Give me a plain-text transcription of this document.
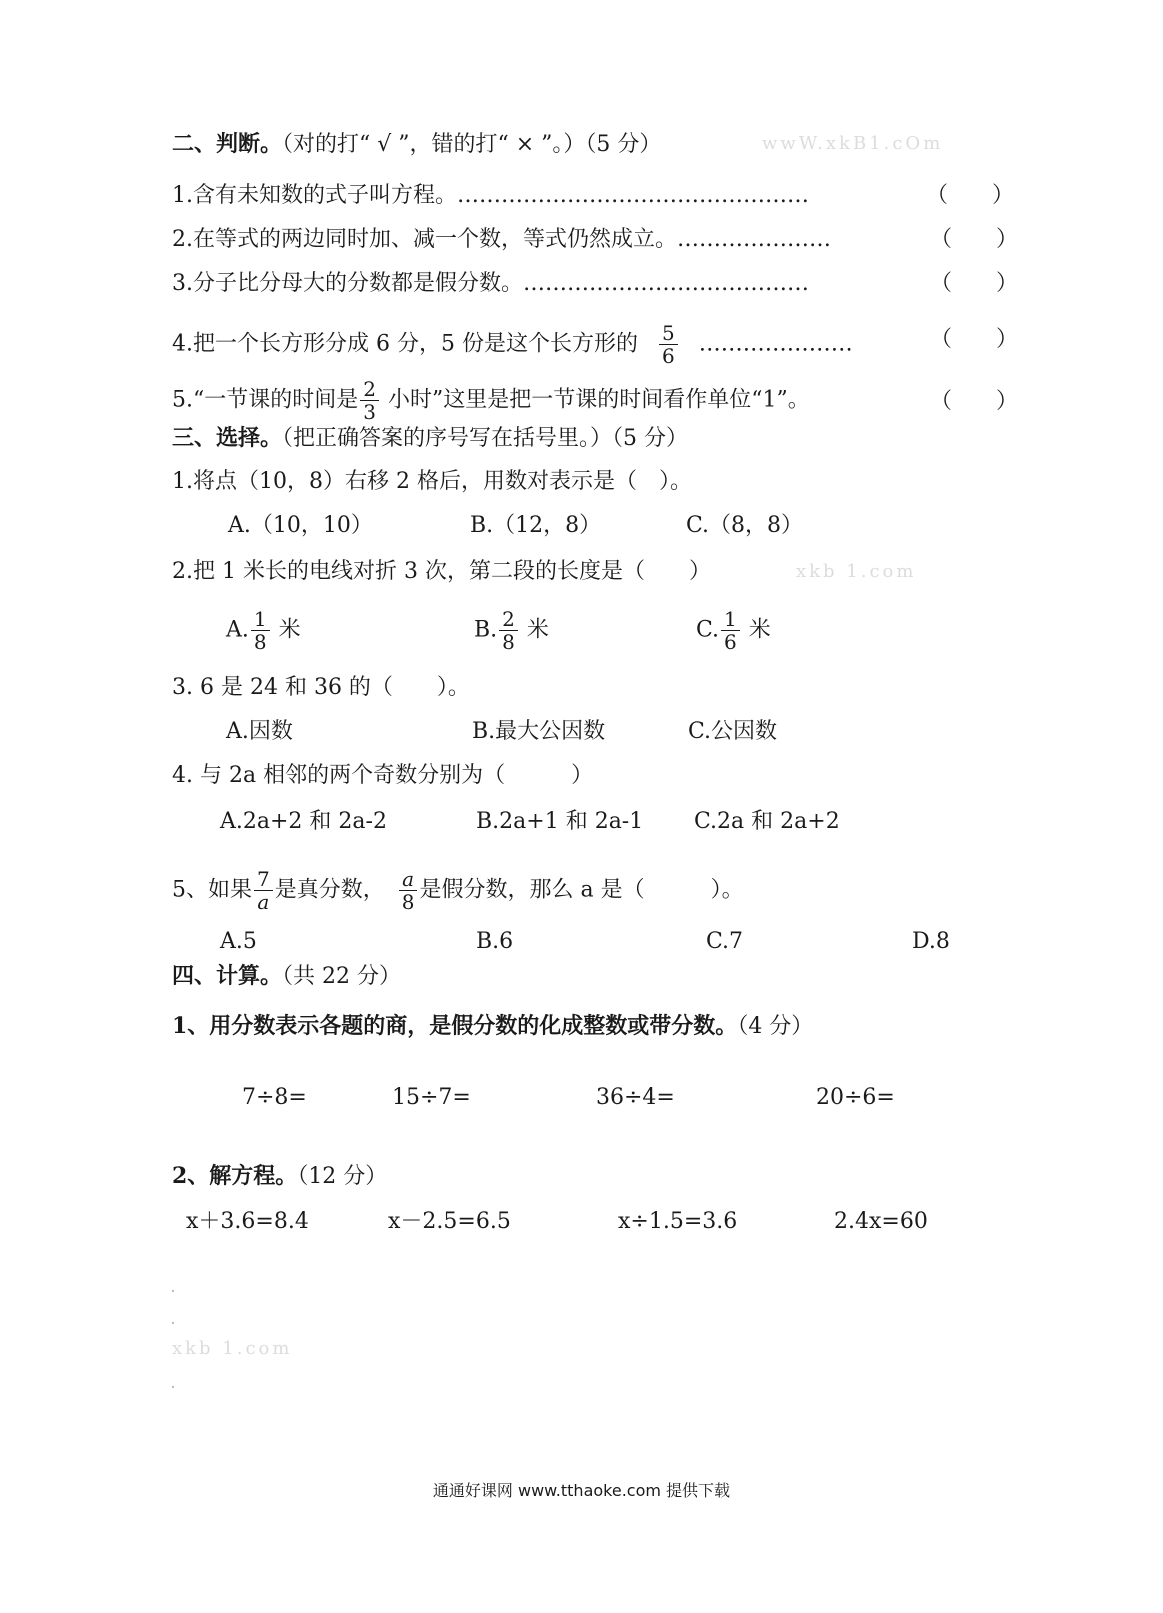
二、判断。（对的打“ √ ”，错的打“ × ”。）（5 分）	wwW.xkB1.cOm
1.含有未知数的式子叫方程。…………………………………………	（　　）
2.在等式的两边同时加、减一个数，等式仍然成立。…………………	（　　）
3.分子比分母大的分数都是假分数。…………………………………	（　　）
4.把一个长方形分成 6 分，5 份是这个长方形的 $\frac{5}{6}$ …………………	（　　）
5.“一节课的时间是 $\frac{2}{3}$ 小时”这里是把一节课的时间看作单位“1”。	（　　）
三、选择。（把正确答案的序号写在括号里。）（5 分）
1.将点（10，8）右移 2 格后，用数对表示是（　）。
A.（10，10）	B.（12，8）	C.（8，8）
2.把 1 米长的电线对折 3 次，第二段的长度是（　　）	xkb 1.com
A. $\frac{1}{8}$ 米	B. $\frac{2}{8}$ 米	C. $\frac{1}{6}$ 米
3. 6 是 24 和 36 的（　　）。
A.因数	B.最大公因数	C.公因数
4. 与 2a 相邻的两个奇数分别为（　　　）
A.2a+2 和 2a-2	B.2a+1 和 2a-1 C.2a 和 2a+2
5、如果 $\frac{7}{a}$ 是真分数， $\frac{a}{8}$ 是假分数，那么 a 是（　　　）。
A.5	B.6	C.7	D.8
四、计算。（共 22 分）
1、用分数表示各题的商，是假分数的化成整数或带分数。（4 分）
7÷8=	15÷7=	36÷4=	20÷6=
2、解方程。（12 分）
x＋3.6=8.4	x－2.5=6.5	x÷1.5=3.6	2.4x=60
xkb 1.com
通通好课网 www.tthaoke.com 提供下载
